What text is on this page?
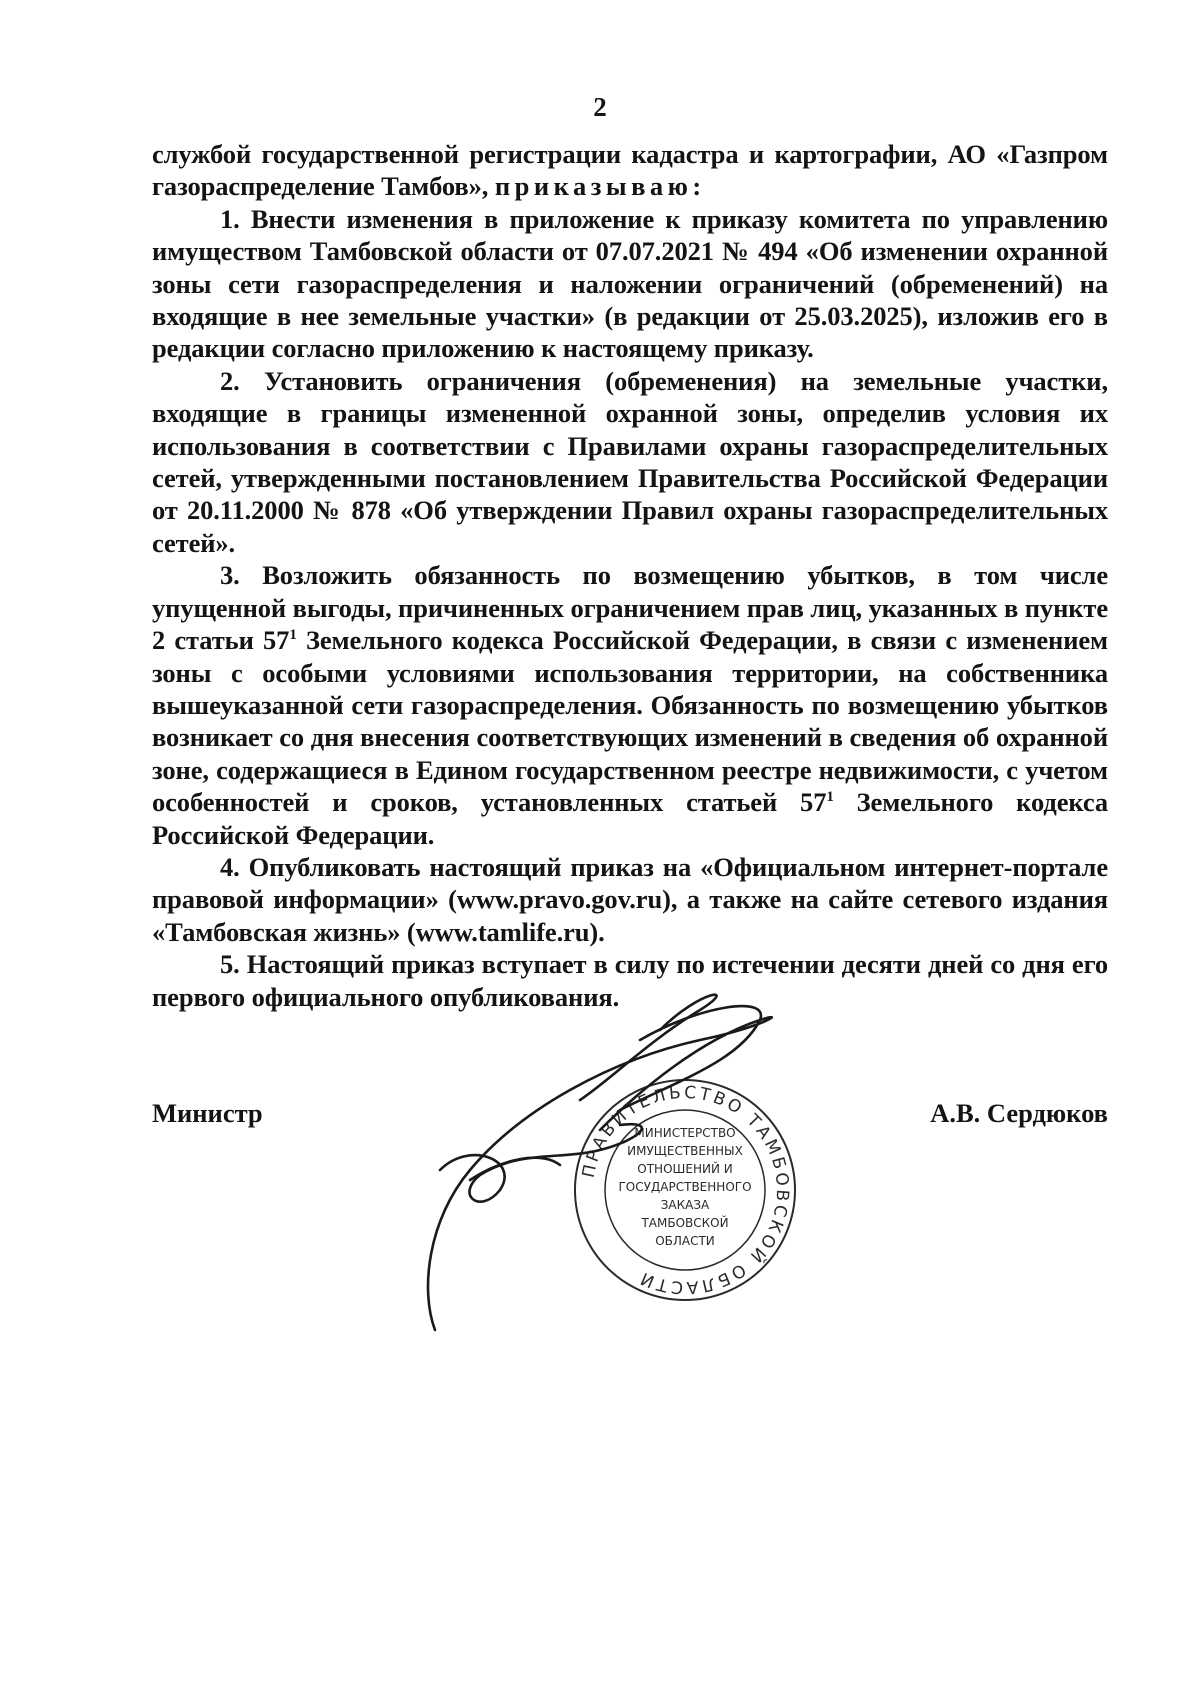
2

службой государственной регистрации кадастра и картографии, АО «Газпром газораспределение Тамбов», приказываю:

1. Внести изменения в приложение к приказу комитета по управлению имуществом Тамбовской области от 07.07.2021 № 494 «Об изменении охранной зоны сети газораспределения и наложении ограничений (обременений) на входящие в нее земельные участки» (в редакции от 25.03.2025), изложив его в редакции согласно приложению к настоящему приказу.

2. Установить ограничения (обременения) на земельные участки, входящие в границы измененной охранной зоны, определив условия их использования в соответствии с Правилами охраны газораспределительных сетей, утвержденными постановлением Правительства Российской Федерации от 20.11.2000 № 878 «Об утверждении Правил охраны газораспределительных сетей».

3. Возложить обязанность по возмещению убытков, в том числе упущенной выгоды, причиненных ограничением прав лиц, указанных в пункте 2 статьи $57^1$ Земельного кодекса Российской Федерации, в связи с изменением зоны с особыми условиями использования территории, на собственника вышеуказанной сети газораспределения. Обязанность по возмещению убытков возникает со дня внесения соответствующих изменений в сведения об охранной зоне, содержащиеся в Едином государственном реестре недвижимости, с учетом особенностей и сроков, установленных статьей $57^1$ Земельного кодекса Российской Федерации.

4. Опубликовать настоящий приказ на «Официальном интернет-портале правовой информации» (www.pravo.gov.ru), а также на сайте сетевого издания «Тамбовская жизнь» (www.tamlife.ru).

5. Настоящий приказ вступает в силу по истечении десяти дней со дня его первого официального опубликования.

Министр	А.В. Сердюков
ПРАВИТЕЛЬСТВО ТАМБОВСКОЙ ОБЛАСТИ
МИНИСТЕРСТВО
ИМУЩЕСТВЕННЫХ
ОТНОШЕНИЙ И
ГОСУДАРСТВЕННОГО
ЗАКАЗА
ТАМБОВСКОЙ
ОБЛАСТИ
